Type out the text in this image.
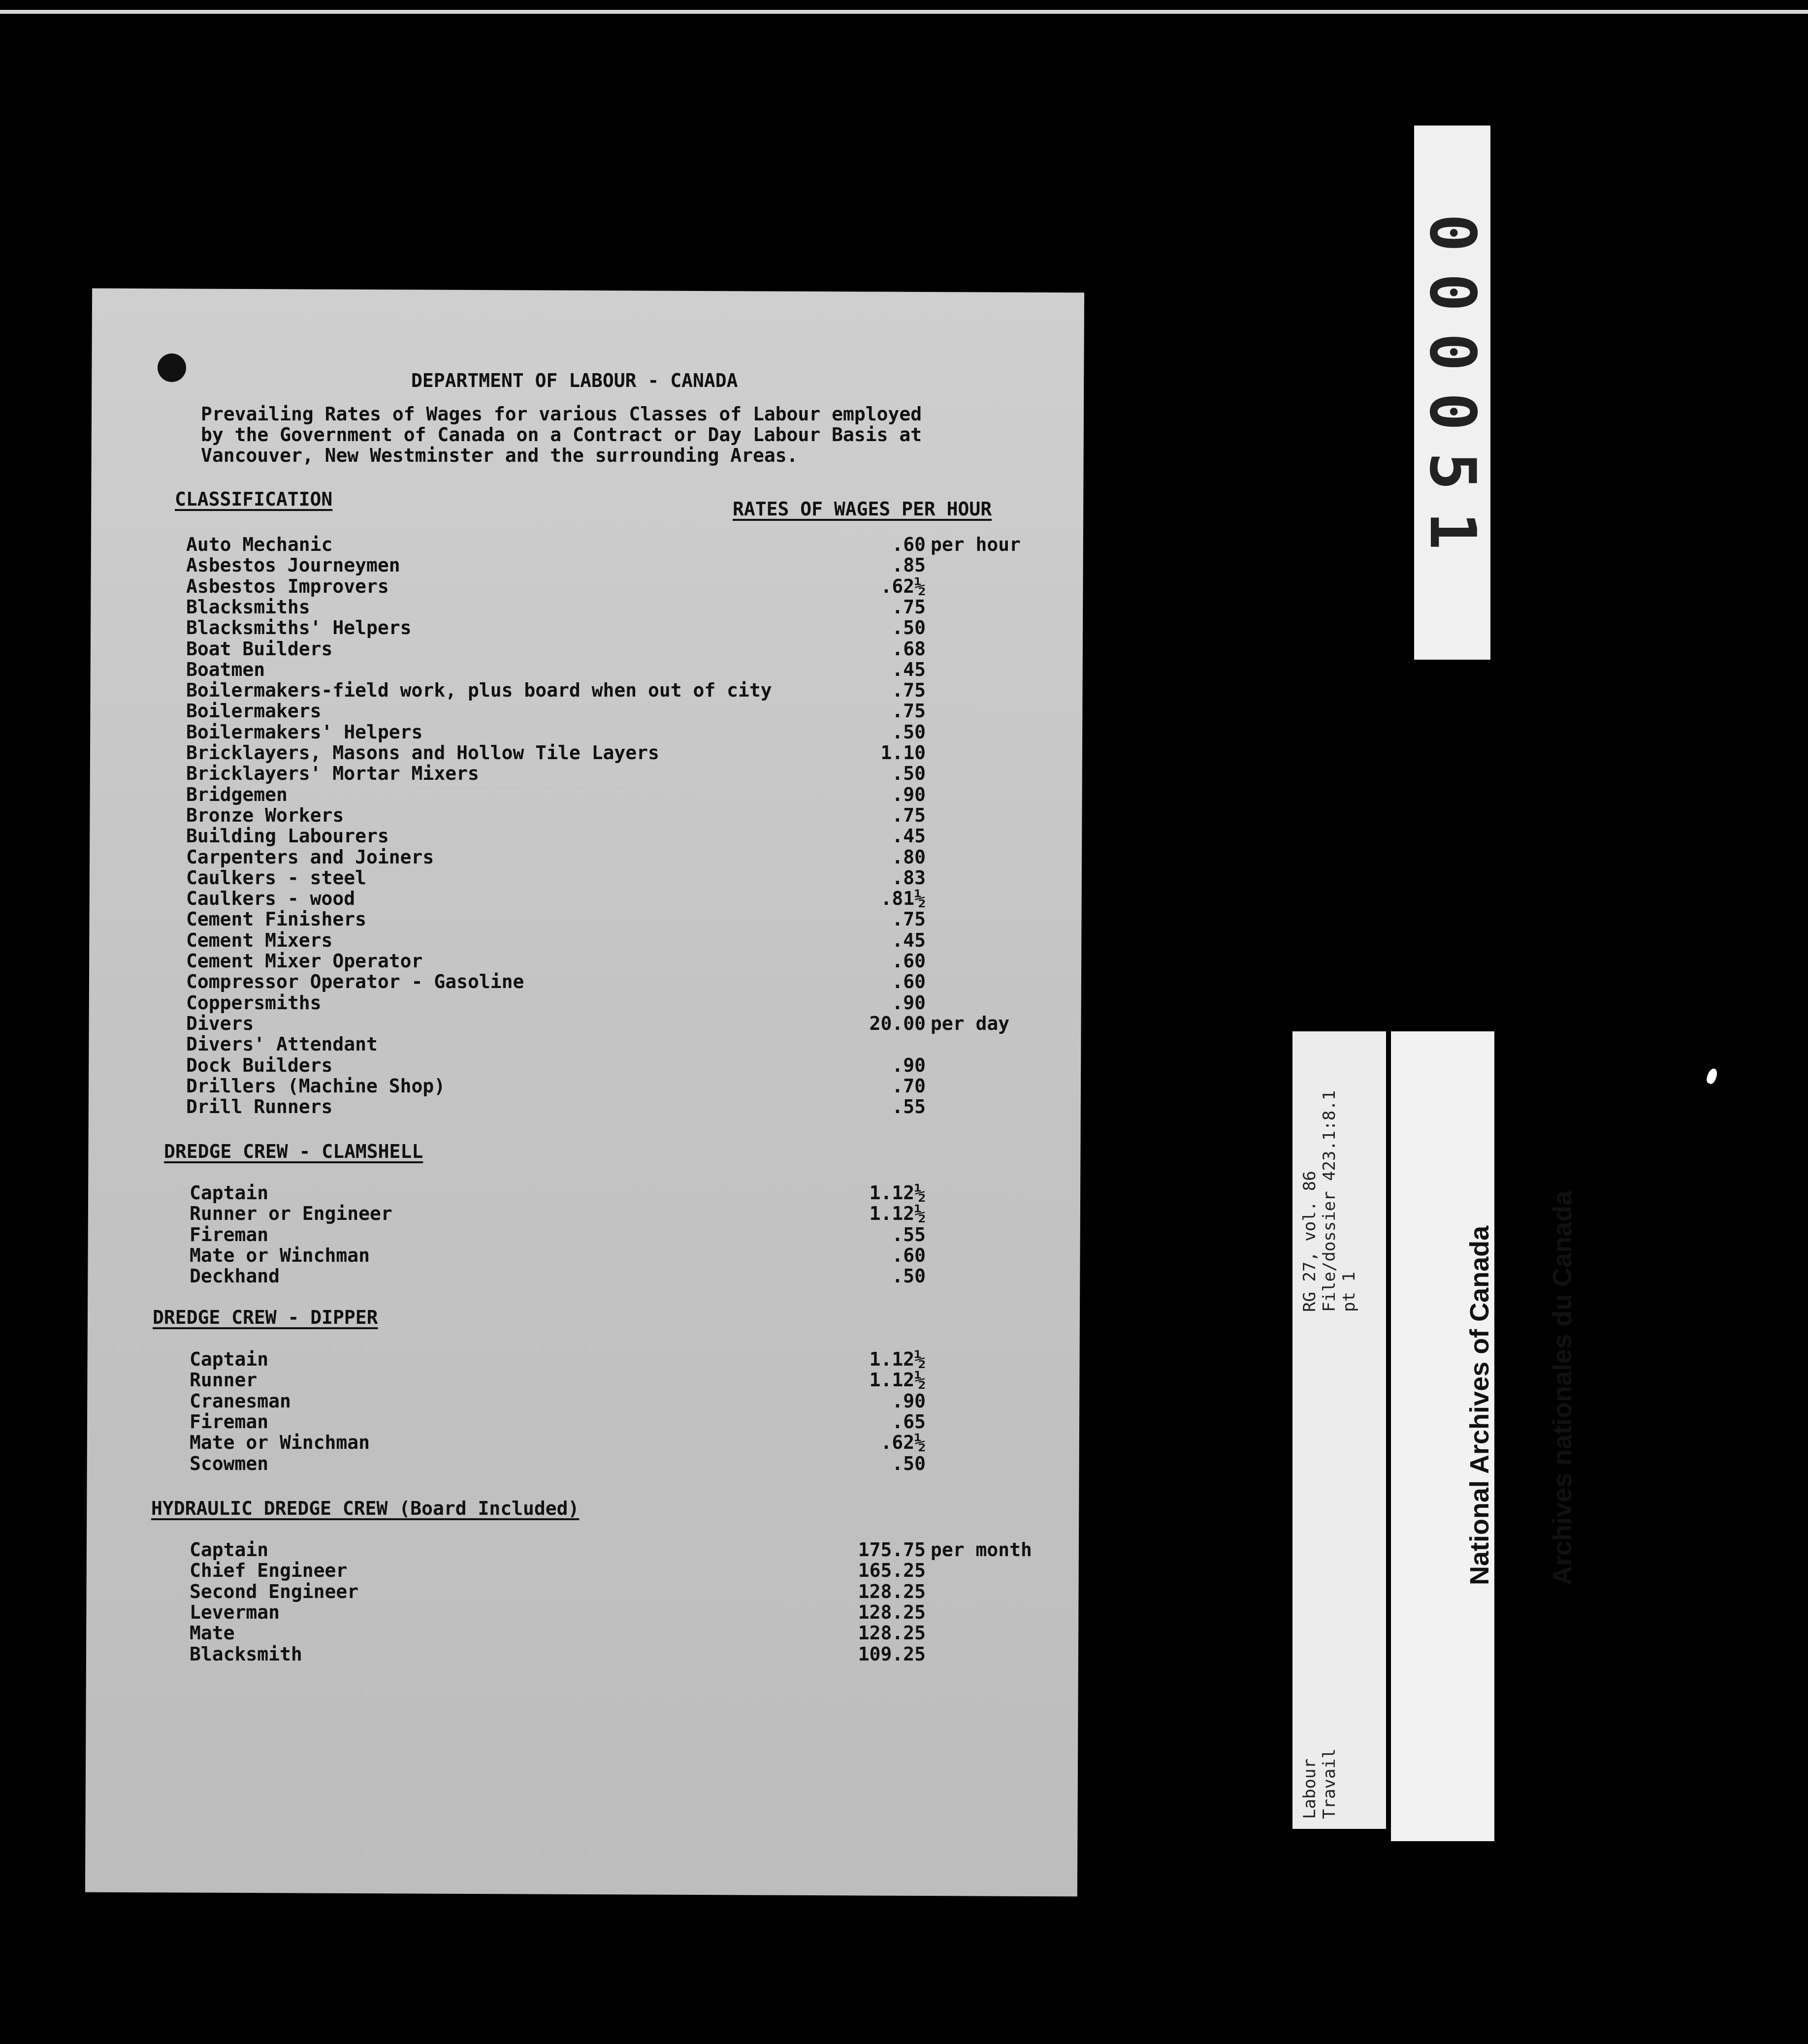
000051
DEPARTMENT OF LABOUR - CANADA
Prevailing Rates of Wages for various Classes of Labour employed
by the Government of Canada on a Contract or Day Labour Basis at
Vancouver, New Westminster and the surrounding Areas.
CLASSIFICATION	RATES OF WAGES PER HOUR
Auto Mechanic	.60 per hour
Asbestos Journeymen	.85
Asbestos Improvers	.62½
Blacksmiths	.75
Blacksmiths' Helpers	.50
Boat Builders	.68
Boatmen	.45
Boilermakers-field work, plus board when out of city	.75
Boilermakers	.75
Boilermakers' Helpers	.50
Bricklayers, Masons and Hollow Tile Layers	1.10
Bricklayers' Mortar Mixers	.50
Bridgemen	.90
Bronze Workers	.75
Building Labourers	.45
Carpenters and Joiners	.80
Caulkers - steel	.83
Caulkers - wood	.81½
Cement Finishers	.75
Cement Mixers	.45
Cement Mixer Operator	.60
Compressor Operator - Gasoline	.60
Coppersmiths	.90
Divers	20.00 per day
Divers' Attendant
Dock Builders	.90
Drillers (Machine Shop)	.70
Drill Runners	.55
DREDGE CREW - CLAMSHELL
Captain	1.12½
Runner or Engineer	1.12½
Fireman	.55
Mate or Winchman	.60
Deckhand	.50
DREDGE CREW - DIPPER
Captain	1.12½
Runner	1.12½
Cranesman	.90
Fireman	.65
Mate or Winchman	.62½
Scowmen	.50
HYDRAULIC DREDGE CREW (Board Included)
Captain	175.75 per month
Chief Engineer	165.25
Second Engineer	128.25
Leverman	128.25
Mate	128.25
Blacksmith	109.25

RG 27, vol. 86

File/dossier 423.1:8.1

pt 1

Labour

Travail

National Archives of Canada

Archives nationales du Canada
